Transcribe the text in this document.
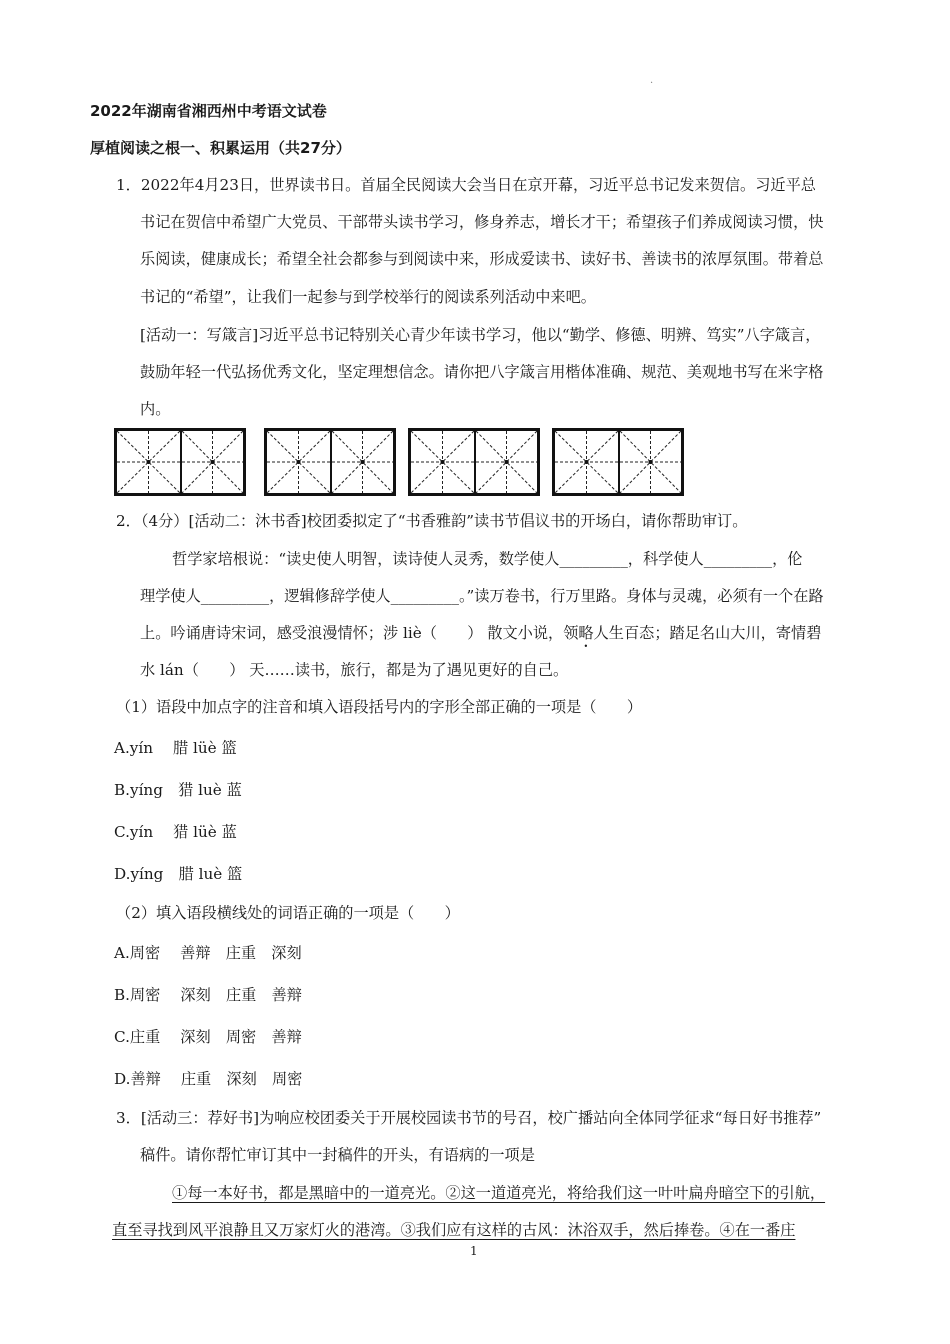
·
2022年湖南省湘西州中考语文试卷
厚植阅读之根一、积累运用（共27分）
1．2022年4月23日，世界读书日。首届全民阅读大会当日在京开幕，习近平总书记发来贺信。习近平总
书记在贺信中希望广大党员、干部带头读书学习，修身养志，增长才干；希望孩子们养成阅读习惯，快
乐阅读，健康成长；希望全社会都参与到阅读中来，形成爱读书、读好书、善读书的浓厚氛围。带着总
书记的“希望”，让我们一起参与到学校举行的阅读系列活动中来吧。
[活动一：写箴言]习近平总书记特别关心青少年读书学习，他以“勤学、修德、明辨、笃实”八字箴言，
鼓励年轻一代弘扬优秀文化，坚定理想信念。请你把八字箴言用楷体准确、规范、美观地书写在米字格
内。
2．（4分）[活动二：沐书香]校团委拟定了“书香雅韵”读书节倡议书的开场白，请你帮助审订。
哲学家培根说：“读史使人明智，读诗使人灵秀，数学使人_________，科学使人_________，伦
理学使人_________，逻辑修辞学使人_________。”读万卷书，行万里路。身体与灵魂，必须有一个在路
上。吟诵唐诗宋词，感受浪漫情怀；涉 liè（　　） 散文小说，领略人生百态；踏足名山大川，寄情碧
水 lán（　　） 天……读书，旅行，都是为了遇见更好的自己。
（1）语段中加点字的注音和填入语段括号内的字形全部正确的一项是（　　）
A.yín　 腊 lüè 篮
B.yíng　猎 luè 蓝
C.yín　 猎 lüè 蓝
D.yíng　腊 luè 篮
（2）填入语段横线处的词语正确的一项是（　　）
A.周密　 善辩　庄重　深刻
B.周密　 深刻　庄重　善辩
C.庄重　 深刻　周密　善辩
D.善辩　 庄重　深刻　周密
3．[活动三：荐好书]为响应校团委关于开展校园读书节的号召，校广播站向全体同学征求“每日好书推荐”
稿件。请你帮忙审订其中一封稿件的开头，有语病的一项是
①每一本好书，都是黑暗中的一道亮光。②这一道道亮光，将给我们这一叶叶扁舟暗空下的引航，
直至寻找到风平浪静且又万家灯火的港湾。③我们应有这样的古风：沐浴双手，然后捧卷。④在一番庄
1
